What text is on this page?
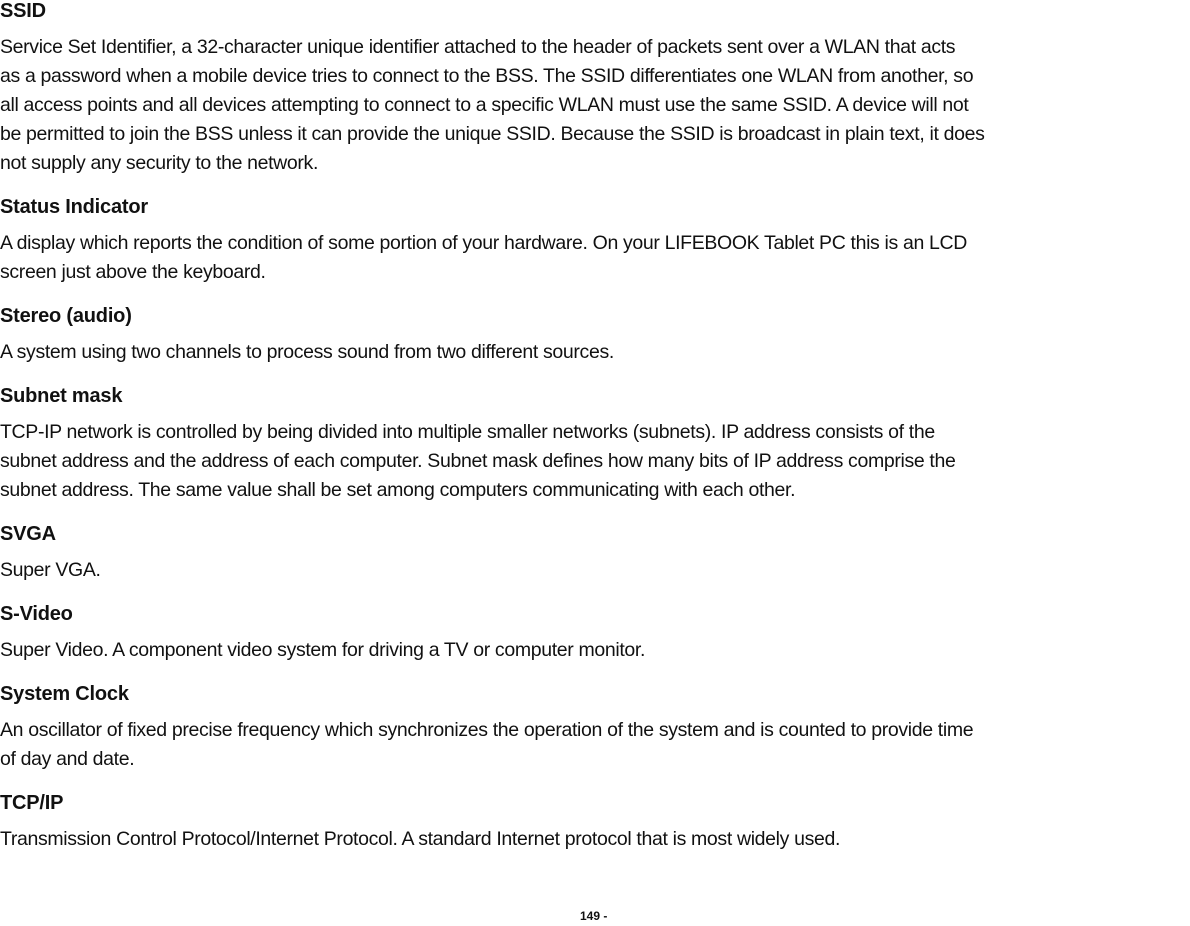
SSID
Service Set Identifier, a 32-character unique identifier attached to the header of packets sent over a WLAN that acts
as a password when a mobile device tries to connect to the BSS. The SSID differentiates one WLAN from another, so
all access points and all devices attempting to connect to a specific WLAN must use the same SSID. A device will not
be permitted to join the BSS unless it can provide the unique SSID. Because the SSID is broadcast in plain text, it does
not supply any security to the network.
Status Indicator
A display which reports the condition of some portion of your hardware. On your LIFEBOOK Tablet PC this is an LCD
screen just above the keyboard.
Stereo (audio)
A system using two channels to process sound from two different sources.
Subnet mask
TCP-IP network is controlled by being divided into multiple smaller networks (subnets). IP address consists of the
subnet address and the address of each computer. Subnet mask defines how many bits of IP address comprise the
subnet address. The same value shall be set among computers communicating with each other.
SVGA
Super VGA.
S-Video
Super Video. A component video system for driving a TV or computer monitor.
System Clock
An oscillator of fixed precise frequency which synchronizes the operation of the system and is counted to provide time
of day and date.
TCP/IP
Transmission Control Protocol/Internet Protocol. A standard Internet protocol that is most widely used.
149 -
